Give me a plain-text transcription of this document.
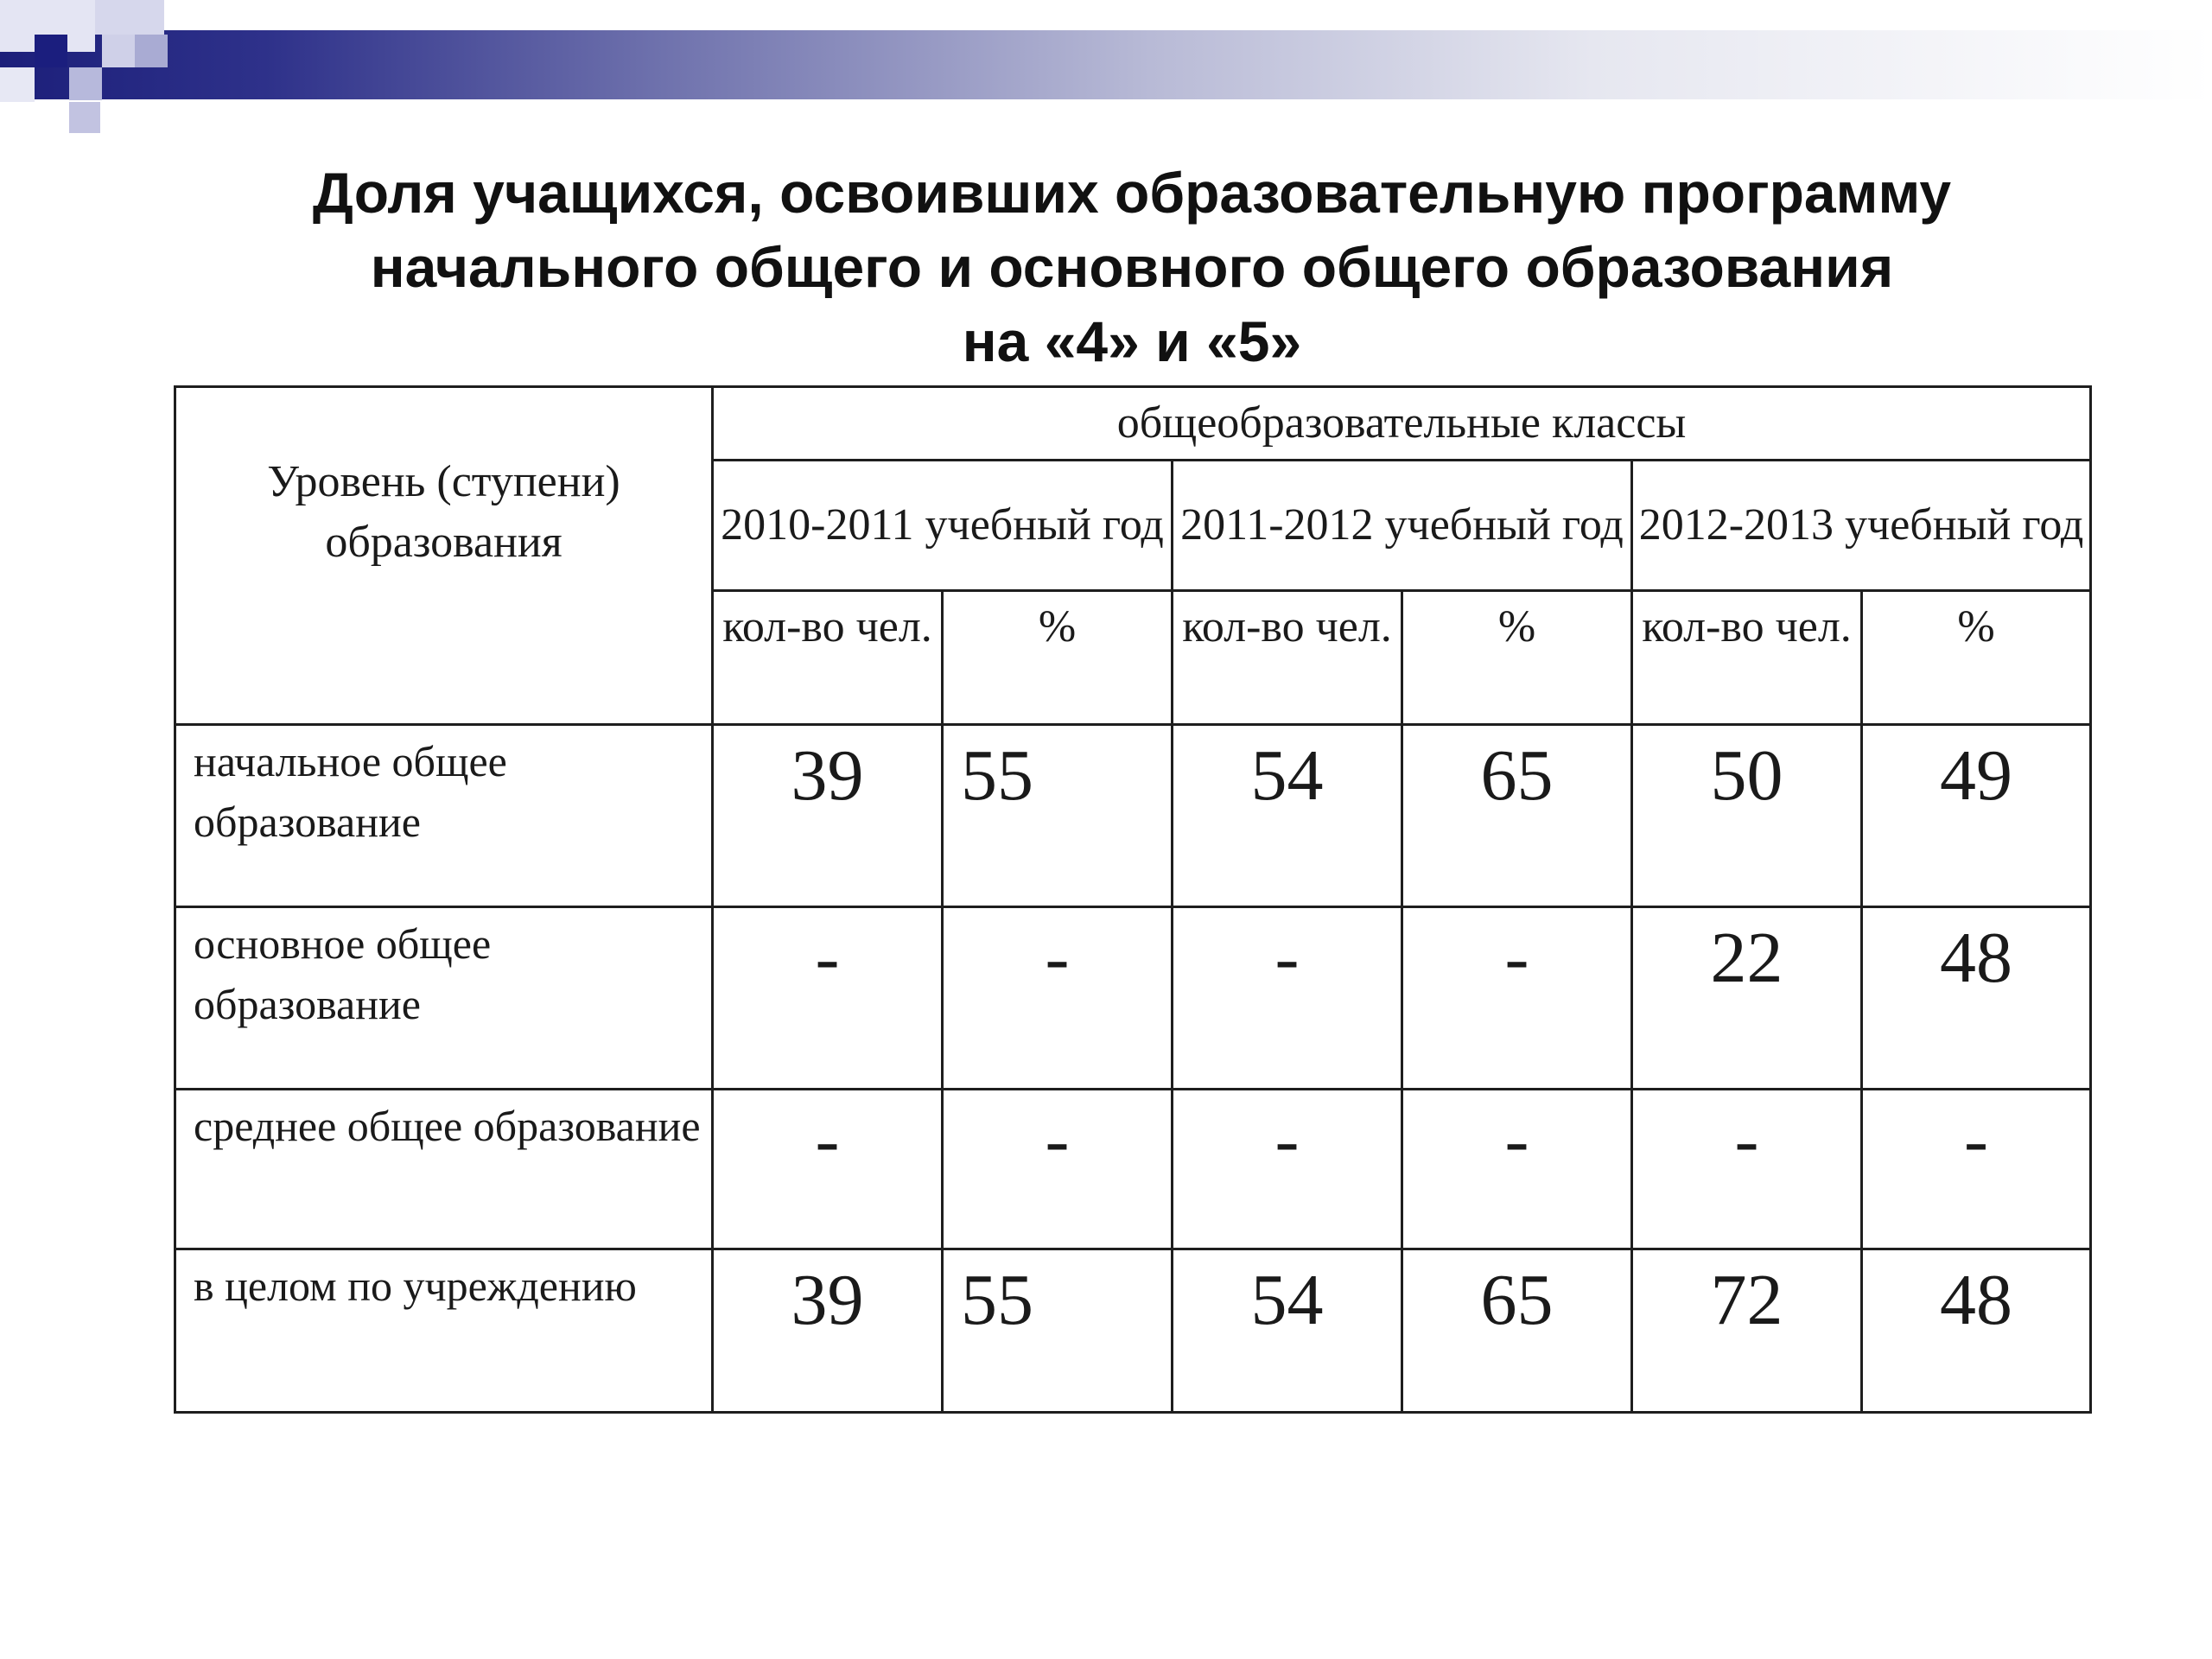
Доля учащихся, освоивших образовательную программу
начального общего и основного общего образования
на «4» и «5»
Уровень (ступени) образования	общеобразовательные классы					
	2010-2011 учебный год		2011-2012 учебный год		2012-2013 учебный год	
	кол-во чел.	%	кол-во чел.	%	кол-во чел.	%
начальное общее образование	39	55	54	65	50	49
основное общее образование	-	-	-	-	22	48
среднее общее образование	-	-	-	-	-	-
в целом по учреждению	39	55	54	65	72	48
